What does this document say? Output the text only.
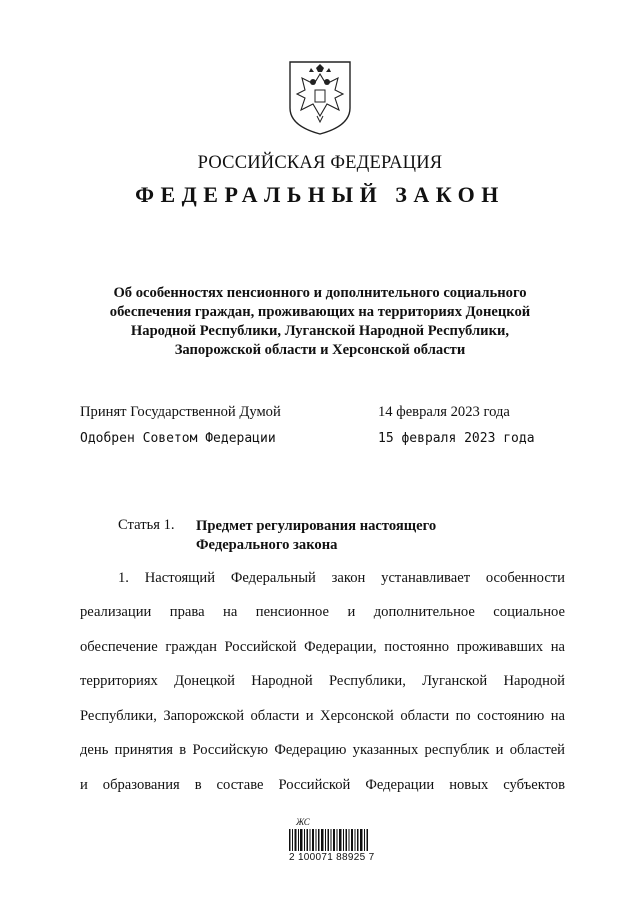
РОССИЙСКАЯ ФЕДЕРАЦИЯ
ФЕДЕРАЛЬНЫЙ ЗАКОН
Об особенностях пенсионного и дополнительного социального
обеспечения граждан, проживающих на территориях Донецкой
Народной Республики, Луганской Народной Республики,
Запорожской области и Херсонской области
Принят Государственной Думой	14 февраля 2023 года
Одобрен Советом Федерации	15 февраля 2023 года
Статья 1. Предмет регулирования настоящего
Федерального закона
1. Настоящий Федеральный закон устанавливает особенности
реализации права на пенсионное и дополнительное социальное
обеспечение граждан Российской Федерации, постоянно проживавших на
территориях Донецкой Народной Республики, Луганской Народной
Республики, Запорожской области и Херсонской области по состоянию на
день принятия в Российскую Федерацию указанных республик и областей
и образования в составе Российской Федерации новых субъектов
ЖС
2 100071 88925 7
